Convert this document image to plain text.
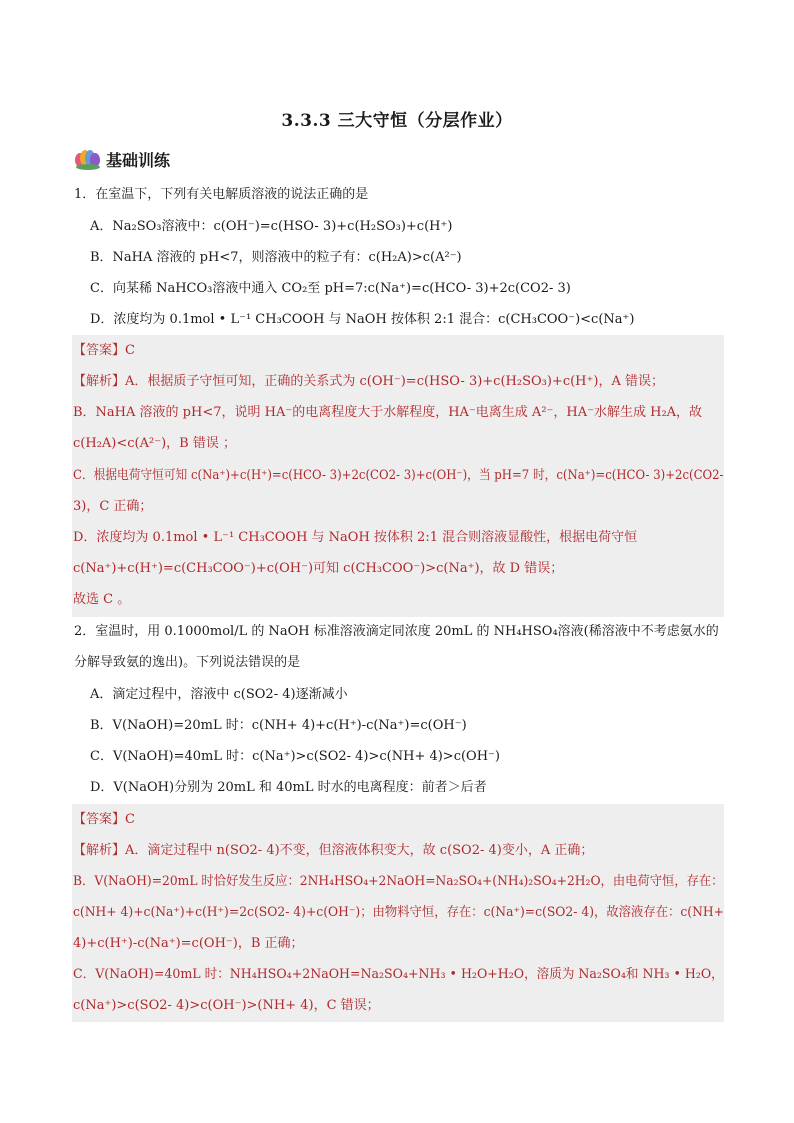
3.3.3 三大守恒（分层作业）
基础训练
1．在室温下，下列有关电解质溶液的说法正确的是
A．Na₂SO₃溶液中：c(OH⁻)=c(HSO- 3)+c(H₂SO₃)+c(H⁺)
B．NaHA 溶液的 pH<7，则溶液中的粒子有：c(H₂A)>c(A²⁻)
C．向某稀 NaHCO₃溶液中通入 CO₂至 pH=7:c(Na⁺)=c(HCO- 3)+2c(CO2- 3)
D．浓度均为 0.1mol • L⁻¹ CH₃COOH 与 NaOH 按体积 2:1 混合：c(CH₃COO⁻)<c(Na⁺)
【答案】C
【解析】A．根据质子守恒可知，正确的关系式为 c(OH⁻)=c(HSO- 3)+c(H₂SO₃)+c(H⁺)，A 错误；
B．NaHA 溶液的 pH<7，说明 HA⁻的电离程度大于水解程度，HA⁻电离生成 A²⁻，HA⁻水解生成 H₂A，故
c(H₂A)<c(A²⁻)，B 错误 ；
C．根据电荷守恒可知 c(Na⁺)+c(H⁺)=c(HCO- 3)+2c(CO2- 3)+c(OH⁻)，当 pH=7 时，c(Na⁺)=c(HCO- 3)+2c(CO2-
3)，C 正确；
D．浓度均为 0.1mol • L⁻¹ CH₃COOH 与 NaOH 按体积 2:1 混合则溶液显酸性，根据电荷守恒
c(Na⁺)+c(H⁺)=c(CH₃COO⁻)+c(OH⁻)可知 c(CH₃COO⁻)>c(Na⁺)，故 D 错误；
故选 C 。
2．室温时，用 0.1000mol/L 的 NaOH 标准溶液滴定同浓度 20mL 的 NH₄HSO₄溶液(稀溶液中不考虑氨水的
分解导致氨的逸出)。下列说法错误的是
A．滴定过程中，溶液中 c(SO2- 4)逐渐减小
B．V(NaOH)=20mL 时：c(NH+ 4)+c(H⁺)-c(Na⁺)=c(OH⁻)
C．V(NaOH)=40mL 时：c(Na⁺)>c(SO2- 4)>c(NH+ 4)>c(OH⁻)
D．V(NaOH)分别为 20mL 和 40mL 时水的电离程度：前者＞后者
【答案】C
【解析】A．滴定过程中 n(SO2- 4)不变，但溶液体积变大，故 c(SO2- 4)变小，A 正确；
B．V(NaOH)=20mL 时恰好发生反应：2NH₄HSO₄+2NaOH=Na₂SO₄+(NH₄)₂SO₄+2H₂O，由电荷守恒，存在：
c(NH+ 4)+c(Na⁺)+c(H⁺)=2c(SO2- 4)+c(OH⁻)；由物料守恒，存在：c(Na⁺)=c(SO2- 4)，故溶液存在：c(NH+
4)+c(H⁺)-c(Na⁺)=c(OH⁻)，B 正确；
C．V(NaOH)=40mL 时：NH₄HSO₄+2NaOH=Na₂SO₄+NH₃ • H₂O+H₂O，溶质为 Na₂SO₄和 NH₃ • H₂O，
c(Na⁺)>c(SO2- 4)>c(OH⁻)>(NH+ 4)，C 错误；
